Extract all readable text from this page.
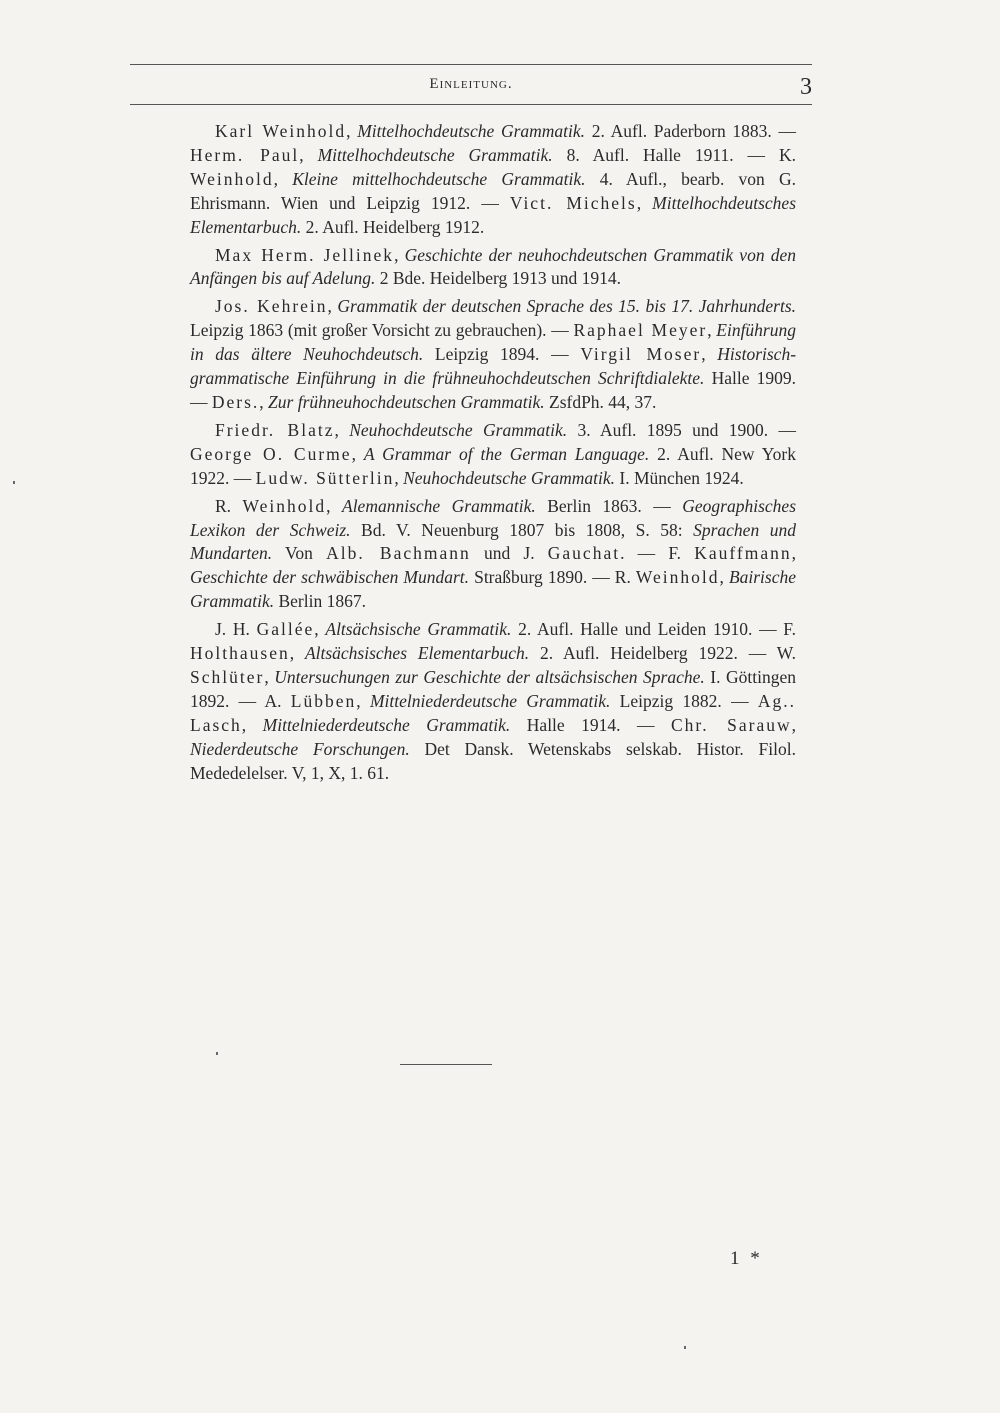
Einleitung.	3

Karl Weinhold, Mittelhochdeutsche Grammatik. 2. Aufl. Paderborn 1883. — Herm. Paul, Mittelhochdeutsche Grammatik. 8. Aufl. Halle 1911. — K. Weinhold, Kleine mittelhochdeutsche Grammatik. 4. Aufl., bearb. von G. Ehrismann. Wien und Leipzig 1912. — Vict. Michels, Mittelhochdeutsches Elementarbuch. 2. Aufl. Heidelberg 1912.

Max Herm. Jellinek, Geschichte der neuhochdeutschen Grammatik von den Anfängen bis auf Adelung. 2 Bde. Heidelberg 1913 und 1914.

Jos. Kehrein, Grammatik der deutschen Sprache des 15. bis 17. Jahrhunderts. Leipzig 1863 (mit großer Vorsicht zu gebrauchen). — Raphael Meyer, Einführung in das ältere Neuhochdeutsch. Leipzig 1894. — Virgil Moser, Historisch-grammatische Einführung in die frühneuhochdeutschen Schriftdialekte. Halle 1909. — Ders., Zur frühneuhochdeutschen Grammatik. ZsfdPh. 44, 37.

Friedr. Blatz, Neuhochdeutsche Grammatik. 3. Aufl. 1895 und 1900. — George O. Curme, A Grammar of the German Language. 2. Aufl. New York 1922. — Ludw. Sütterlin, Neuhochdeutsche Grammatik. I. München 1924.

R. Weinhold, Alemannische Grammatik. Berlin 1863. — Geographisches Lexikon der Schweiz. Bd. V. Neuenburg 1807 bis 1808, S. 58: Sprachen und Mundarten. Von Alb. Bachmann und J. Gauchat. — F. Kauffmann, Geschichte der schwäbischen Mundart. Straßburg 1890. — R. Weinhold, Bairische Grammatik. Berlin 1867.

J. H. Gallée, Altsächsische Grammatik. 2. Aufl. Halle und Leiden 1910. — F. Holthausen, Altsächsisches Elementarbuch. 2. Aufl. Heidelberg 1922. — W. Schlüter, Untersuchungen zur Geschichte der altsächsischen Sprache. I. Göttingen 1892. — A. Lübben, Mittelniederdeutsche Grammatik. Leipzig 1882. — Ag.. Lasch, Mittelniederdeutsche Grammatik. Halle 1914. — Chr. Sarauw, Niederdeutsche Forschungen. Det Dansk. Wetenskabs selskab. Histor. Filol. Mededelelser. V, 1, X, 1. 61.

1 *
